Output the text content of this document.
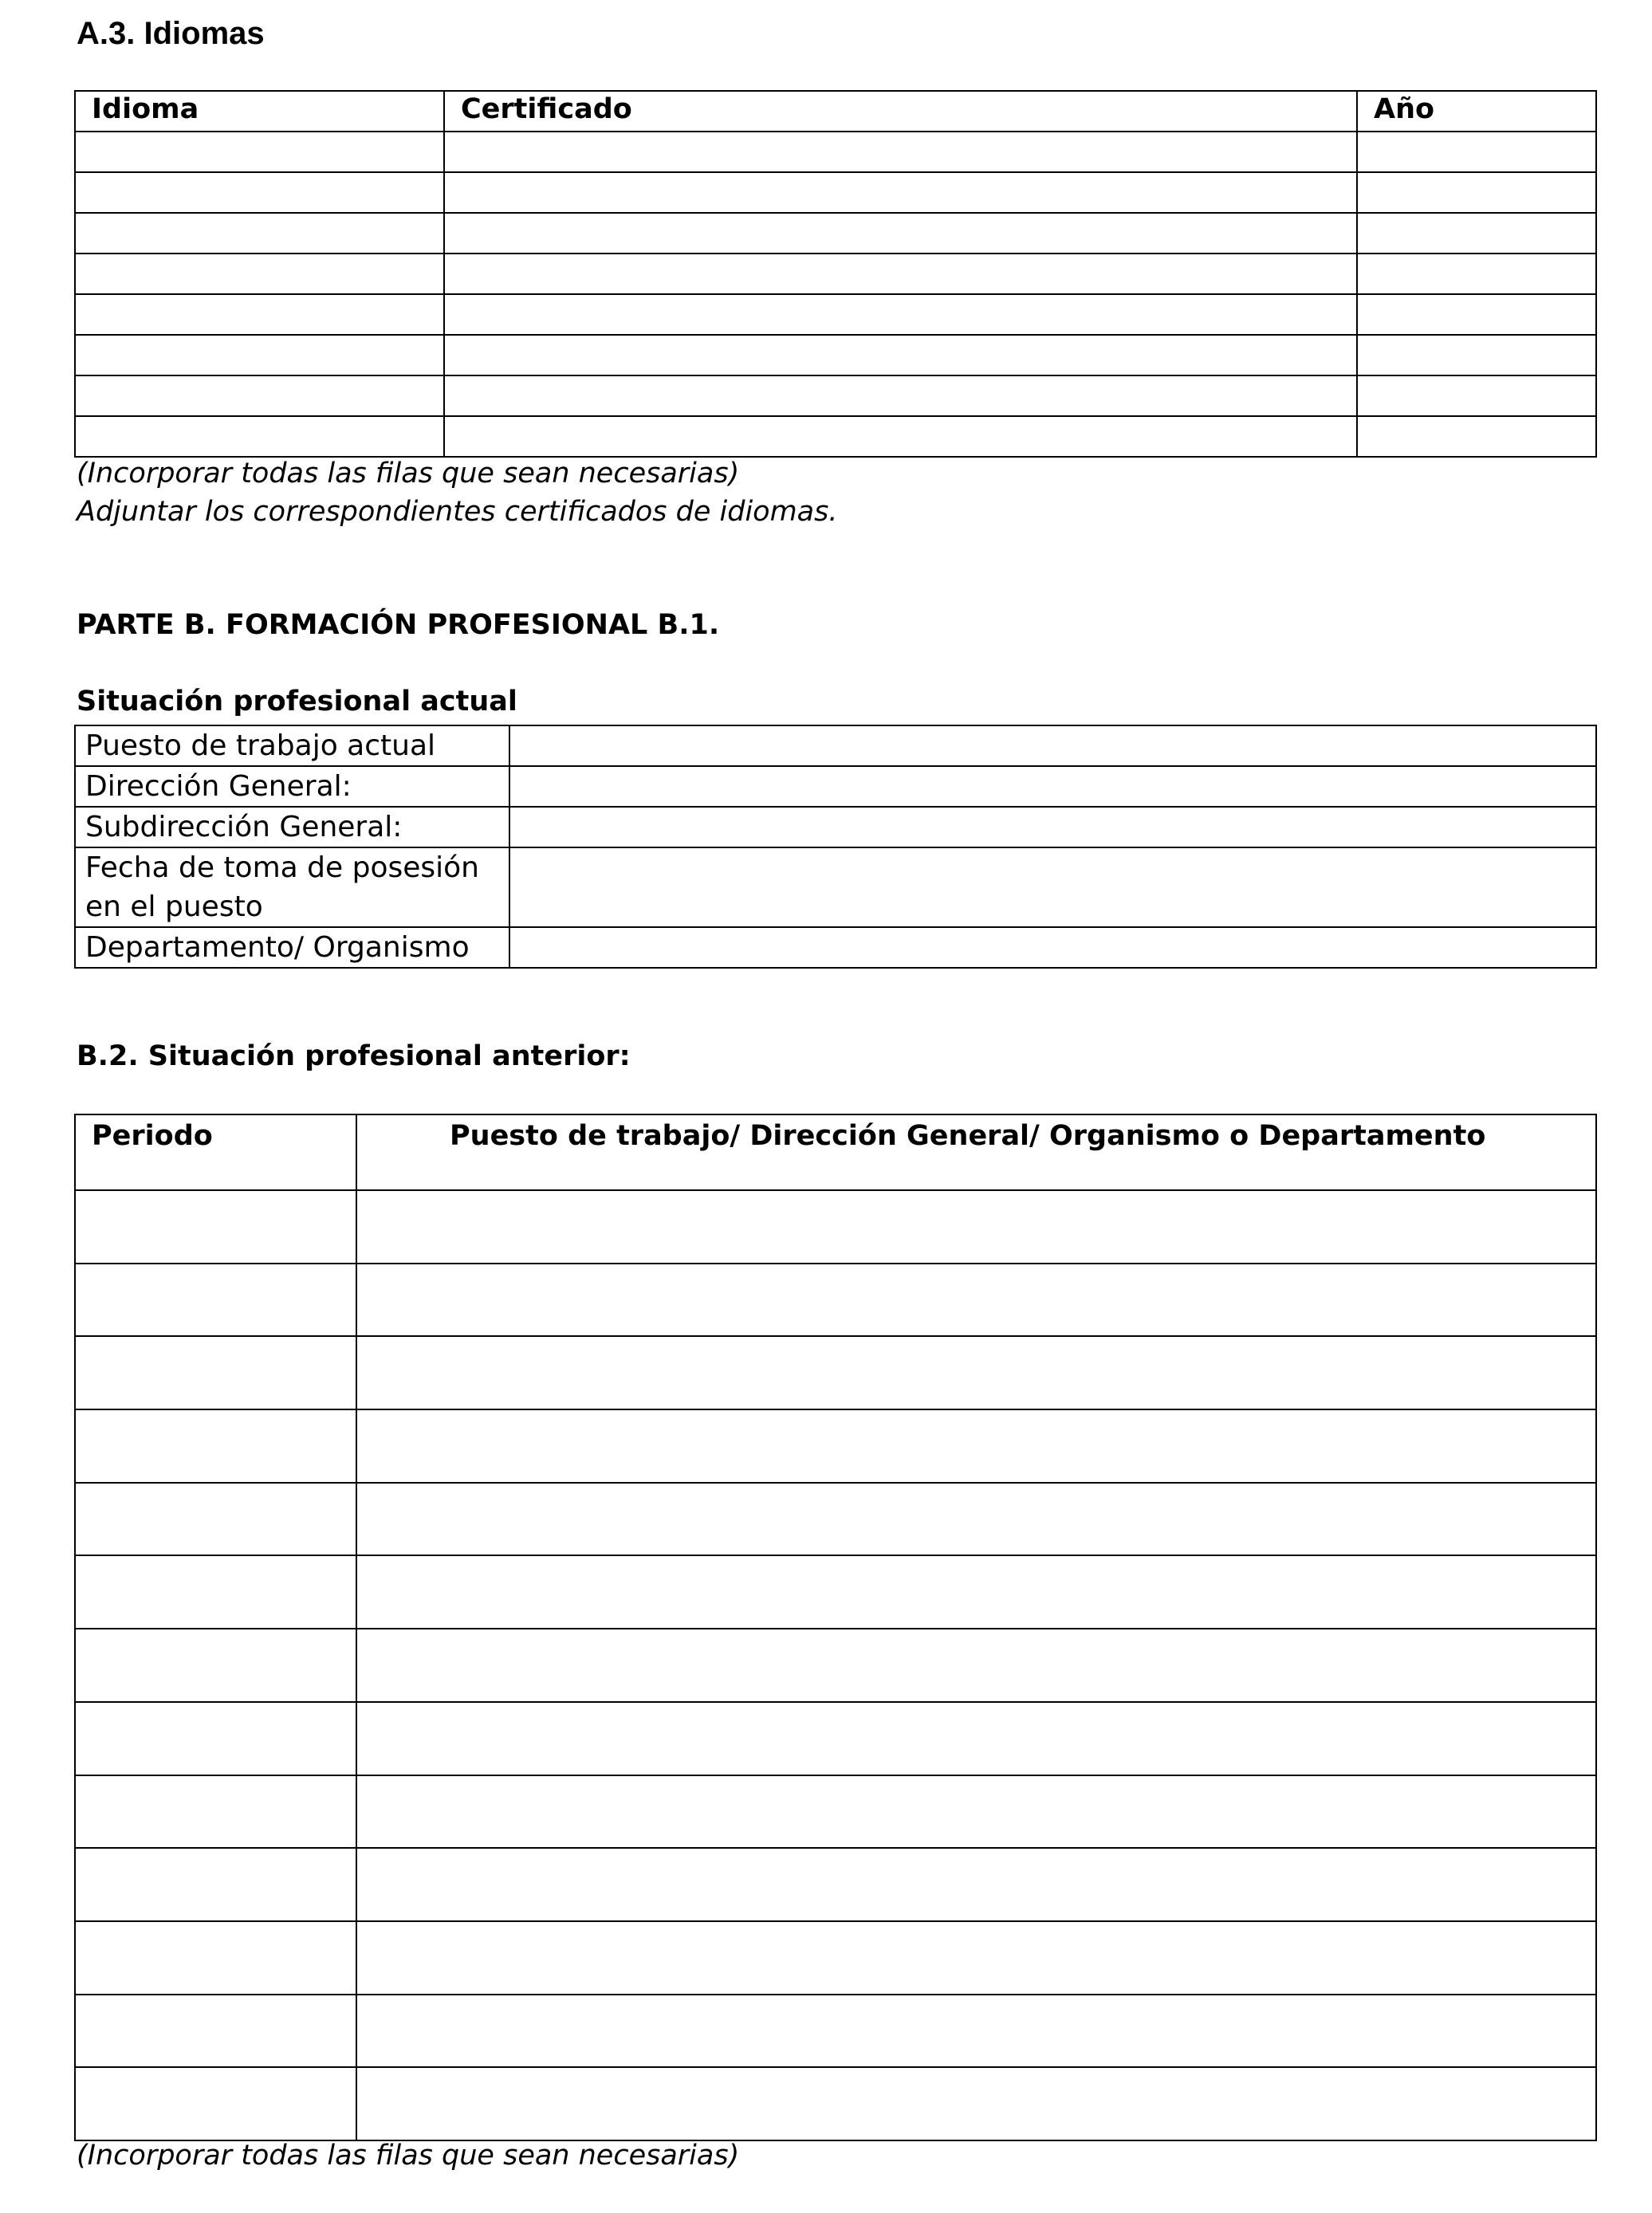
A.3. Idiomas
Idioma	Certificado	Año

(Incorporar todas las filas que sean necesarias)
Adjuntar los correspondientes certificados de idiomas.
PARTE B. FORMACIÓN PROFESIONAL B.1.
Situación profesional actual
Puesto de trabajo actual	
Dirección General:	
Subdirección General:	
Fecha de toma de posesión en el puesto	
Departamento/ Organismo	
B.2. Situación profesional anterior:
Periodo	Puesto de trabajo/ Dirección General/ Organismo o Departamento

(Incorporar todas las filas que sean necesarias)
